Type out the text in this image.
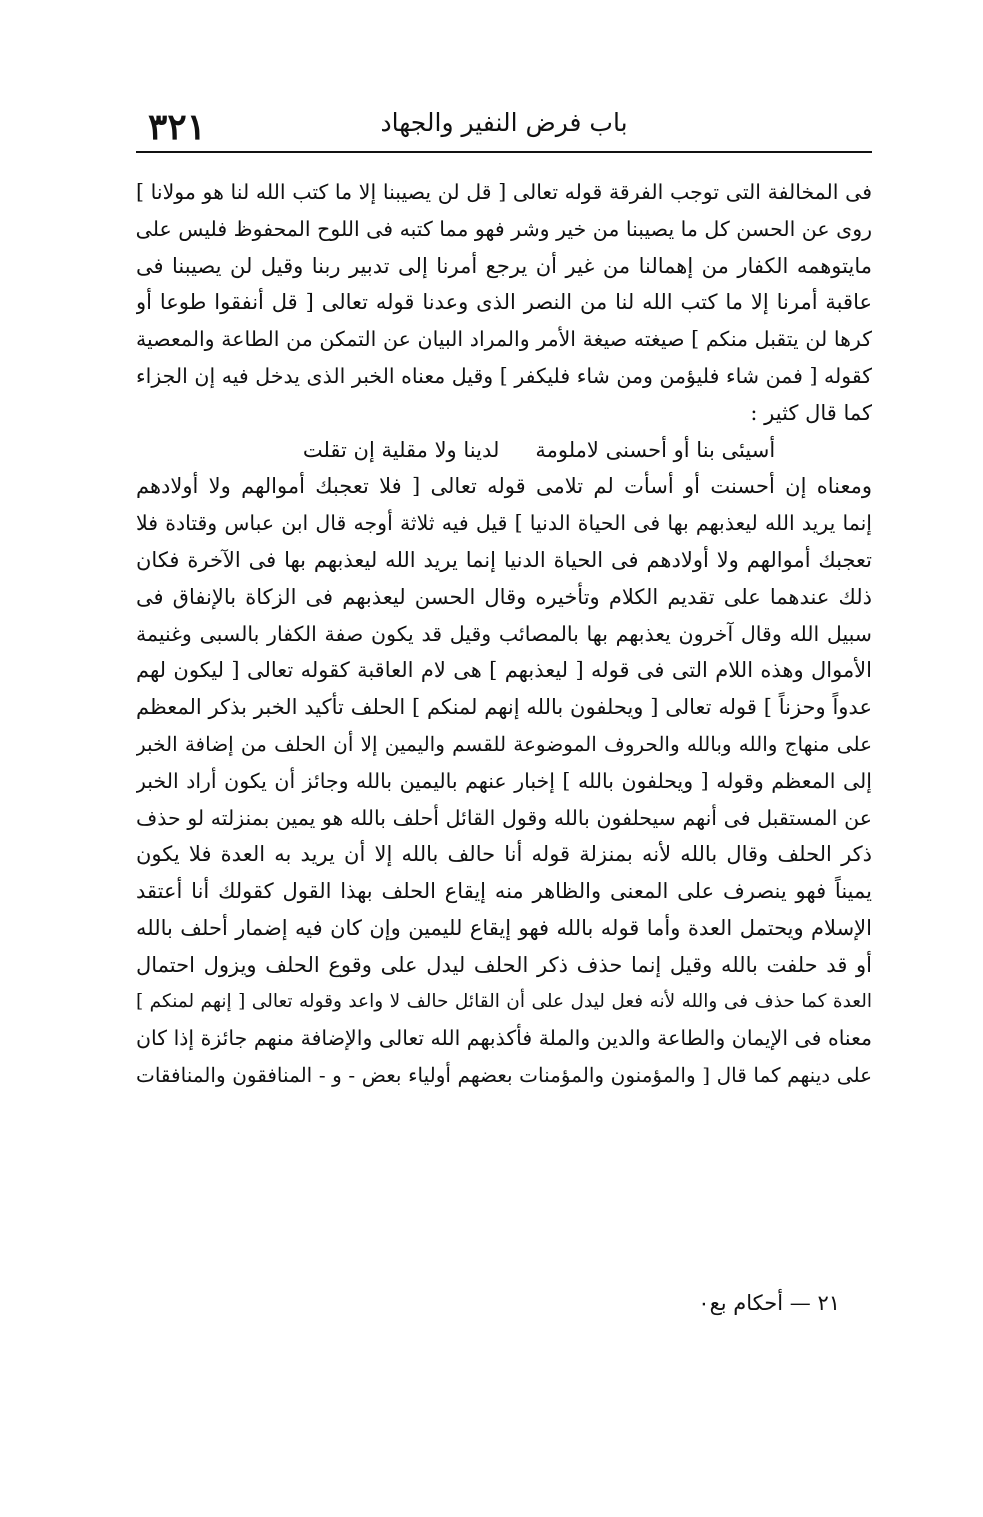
٣٢١	باب فرض النفير والجهاد
فى المخالفة التى توجب الفرقة قوله تعالى [ قل لن يصيبنا إلا ما كتب الله لنا هو مولانا ]
روى عن الحسن كل ما يصيبنا من خير وشر فهو مما كتبه فى اللوح المحفوظ فليس على
مايتوهمه الكفار من إهمالنا من غير أن يرجع أمرنا إلى تدبير ربنا وقيل لن يصيبنا فى
عاقبة أمرنا إلا ما كتب الله لنا من النصر الذى وعدنا قوله تعالى [ قل أنفقوا طوعا أو
كرها لن يتقبل منكم ] صيغته صيغة الأمر والمراد البيان عن التمكن من الطاعة والمعصية
كقوله [ فمن شاء فليؤمن ومن شاء فليكفر ] وقيل معناه الخبر الذى يدخل فيه إن الجزاء
كما قال كثير :
أسيئى بنا أو أحسنى لاملومةلدينا ولا مقلية إن تقلت
ومعناه إن أحسنت أو أسأت لم تلامى قوله تعالى [ فلا تعجبك أموالهم ولا أولادهم
إنما يريد الله ليعذبهم بها فى الحياة الدنيا ] قيل فيه ثلاثة أوجه قال ابن عباس وقتادة فلا
تعجبك أموالهم ولا أولادهم فى الحياة الدنيا إنما يريد الله ليعذبهم بها فى الآخرة فكان
ذلك عندهما على تقديم الكلام وتأخيره وقال الحسن ليعذبهم فى الزكاة بالإنفاق فى
سبيل الله وقال آخرون يعذبهم بها بالمصائب وقيل قد يكون صفة الكفار بالسبى وغنيمة
الأموال وهذه اللام التى فى قوله [ ليعذبهم ] هى لام العاقبة كقوله تعالى [ ليكون لهم
عدواً وحزناً ] قوله تعالى [ ويحلفون بالله إنهم لمنكم ] الحلف تأكيد الخبر بذكر المعظم
على منهاج والله وبالله والحروف الموضوعة للقسم واليمين إلا أن الحلف من إضافة الخبر
إلى المعظم وقوله [ ويحلفون بالله ] إخبار عنهم باليمين بالله وجائز أن يكون أراد الخبر
عن المستقبل فى أنهم سيحلفون بالله وقول القائل أحلف بالله هو يمين بمنزلته لو حذف
ذكر الحلف وقال بالله لأنه بمنزلة قوله أنا حالف بالله إلا أن يريد به العدة فلا يكون
يميناً فهو ينصرف على المعنى والظاهر منه إيقاع الحلف بهذا القول كقولك أنا أعتقد
الإسلام ويحتمل العدة وأما قوله بالله فهو إيقاع لليمين وإن كان فيه إضمار أحلف بالله
أو قد حلفت بالله وقيل إنما حذف ذكر الحلف ليدل على وقوع الحلف ويزول احتمال
العدة كما حذف فى والله لأنه فعل ليدل على أن القائل حالف لا واعد وقوله تعالى [ إنهم لمنكم ]
معناه فى الإيمان والطاعة والدين والملة فأكذبهم الله تعالى والإضافة منهم جائزة إذا كان
على دينهم كما قال [ والمؤمنون والمؤمنات بعضهم أولياء بعض - و - المنافقون والمنافقات
٢١ — أحكام بع٠
